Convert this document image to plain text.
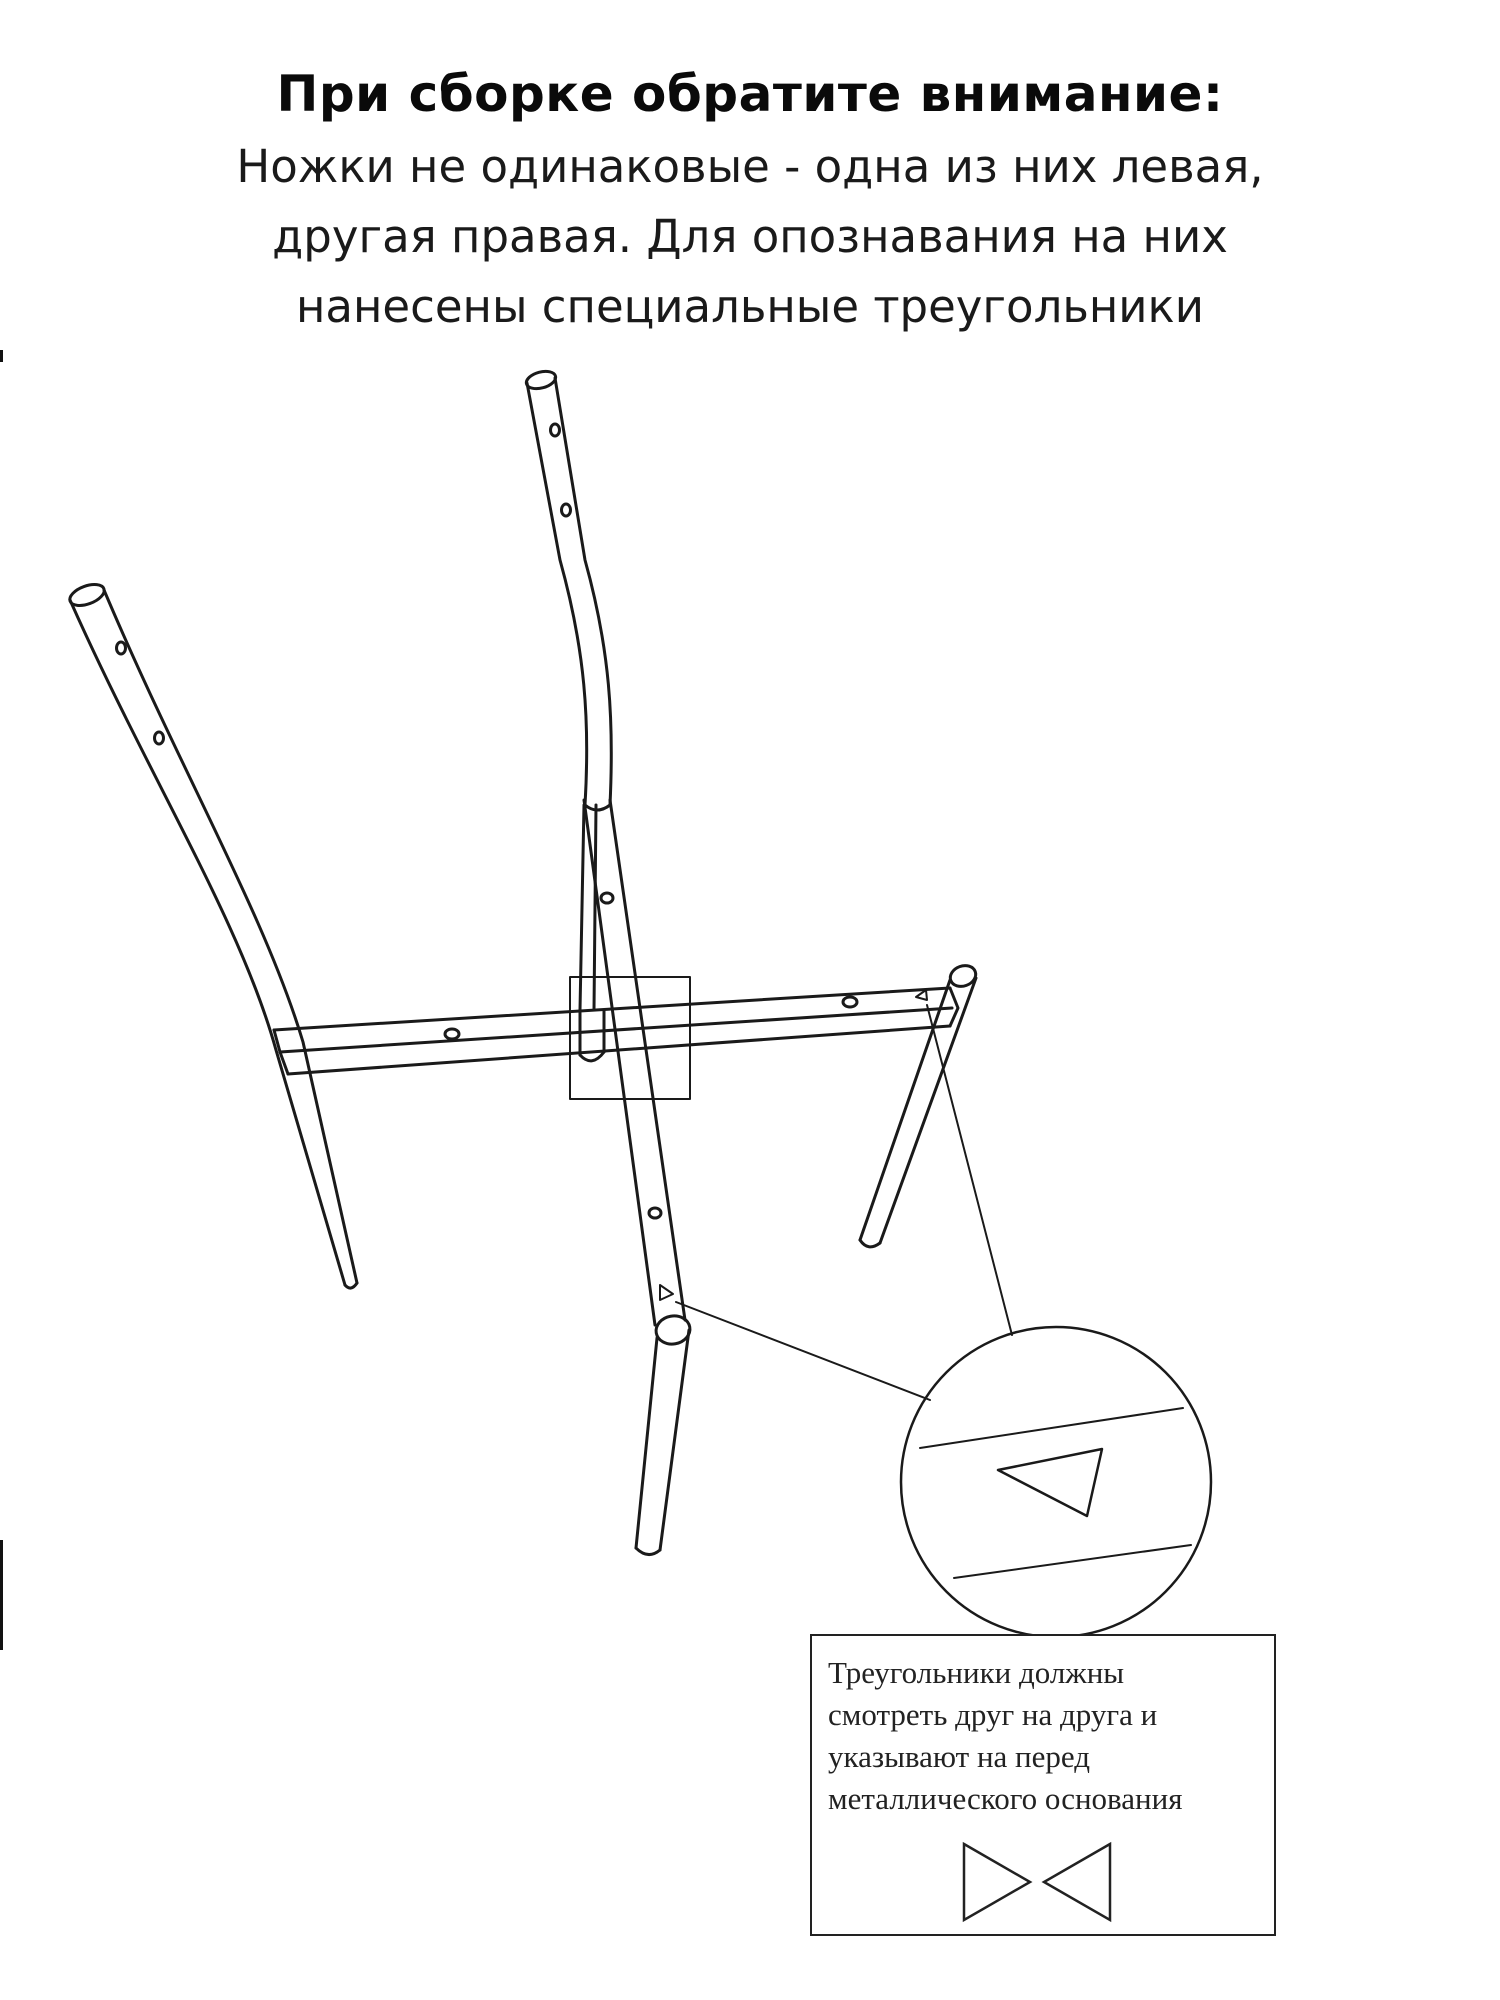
При сборке обратите внимание:
Ножки не одинаковые - одна из них левая,
другая правая. Для опознавания на них
нанесены специальные треугольники
Треугольники должны
смотреть друг на друга и
указывают на перед
металлического основания
